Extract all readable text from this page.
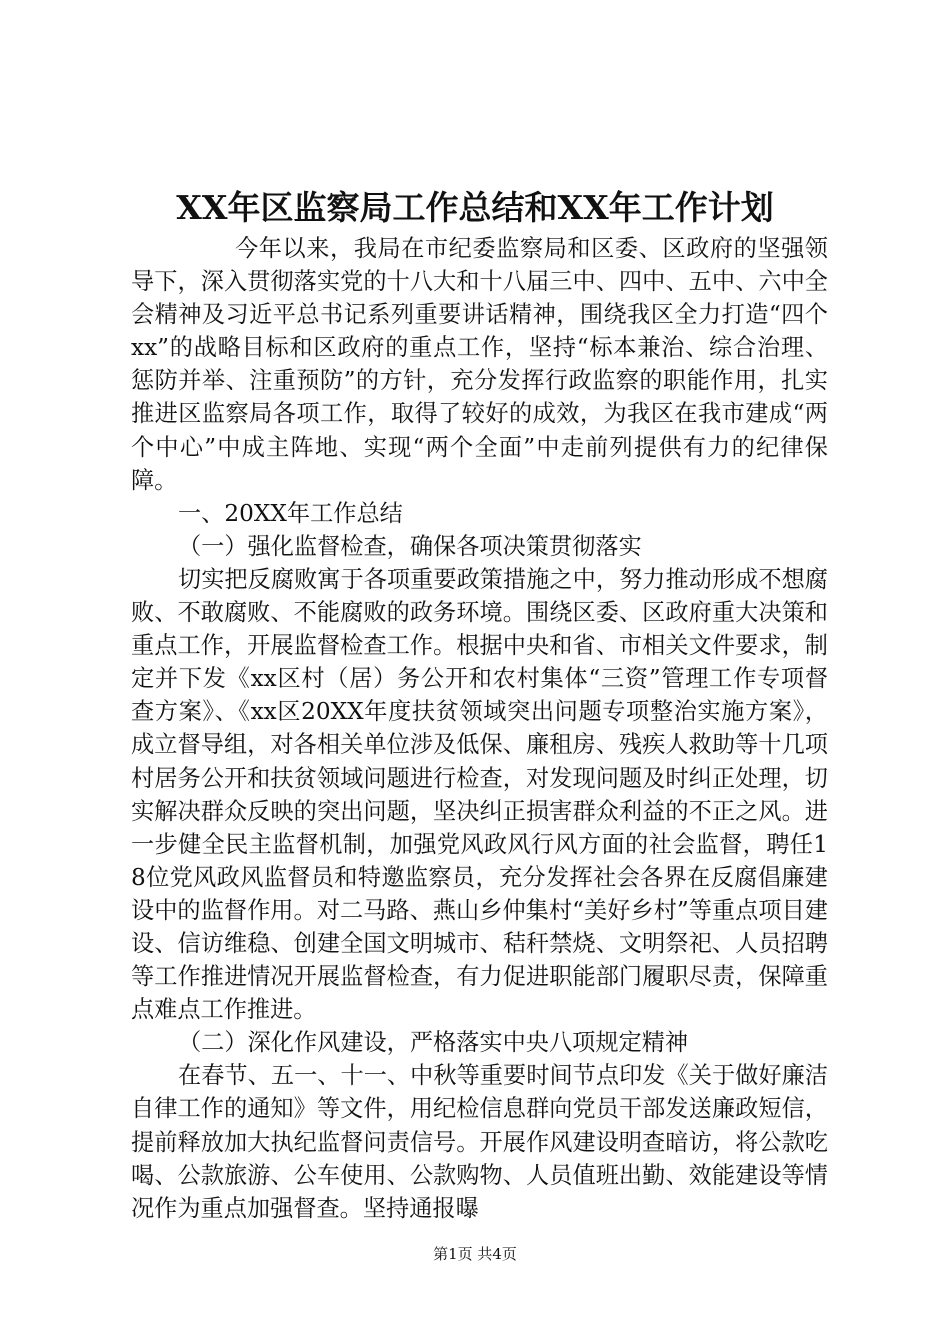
XX年区监察局工作总结和XX年工作计划

今年以来，我局在市纪委监察局和区委、区政府的坚强领导下，深入贯彻落实党的十八大和十八届三中、四中、五中、六中全会精神及习近平总书记系列重要讲话精神，围绕我区全力打造“四个xx”的战略目标和区政府的重点工作，坚持“标本兼治、综合治理、惩防并举、注重预防”的方针，充分发挥行政监察的职能作用，扎实推进区监察局各项工作，取得了较好的成效，为我区在我市建成“两个中心”中成主阵地、实现“两个全面”中走前列提供有力的纪律保障。

一、20XX年工作总结

（一）强化监督检查，确保各项决策贯彻落实

切实把反腐败寓于各项重要政策措施之中，努力推动形成不想腐败、不敢腐败、不能腐败的政务环境。围绕区委、区政府重大决策和重点工作，开展监督检查工作。根据中央和省、市相关文件要求，制定并下发《xx区村（居）务公开和农村集体“三资”管理工作专项督查方案》、《xx区20XX年度扶贫领域突出问题专项整治实施方案》，成立督导组，对各相关单位涉及低保、廉租房、残疾人救助等十几项村居务公开和扶贫领域问题进行检查，对发现问题及时纠正处理，切实解决群众反映的突出问题，坚决纠正损害群众利益的不正之风。进一步健全民主监督机制，加强党风政风行风方面的社会监督，聘任18位党风政风监督员和特邀监察员，充分发挥社会各界在反腐倡廉建设中的监督作用。对二马路、燕山乡仲集村“美好乡村”等重点项目建设、信访维稳、创建全国文明城市、秸秆禁烧、文明祭祀、人员招聘等工作推进情况开展监督检查，有力促进职能部门履职尽责，保障重点难点工作推进。

（二）深化作风建设，严格落实中央八项规定精神

在春节、五一、十一、中秋等重要时间节点印发《关于做好廉洁自律工作的通知》等文件，用纪检信息群向党员干部发送廉政短信，提前释放加大执纪监督问责信号。开展作风建设明查暗访，将公款吃喝、公款旅游、公车使用、公款购物、人员值班出勤、效能建设等情况作为重点加强督查。坚持通报曝

第1页 共4页
